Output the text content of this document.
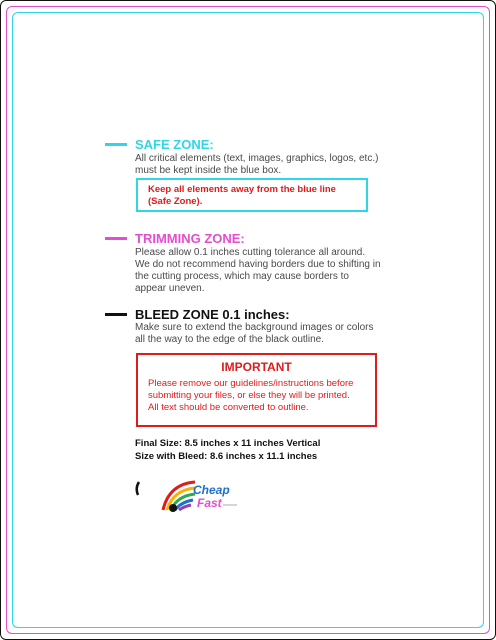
SAFE ZONE:
All critical elements (text, images, graphics, logos, etc.)
must be kept inside the blue box.
Keep all elements away from the blue line
(Safe Zone).
TRIMMING ZONE:
Please allow 0.1 inches cutting tolerance all around.
We do not recommend having borders due to shifting in
the cutting process, which may cause borders to
appear uneven.
BLEED ZONE 0.1 inches:
Make sure to extend the background images or colors
all the way to the edge of the black outline.
IMPORTANT
Please remove our guidelines/instructions before
submitting your files, or else they will be printed.
All text should be converted to outline.
Final Size: 8.5 inches x 11 inches Vertical
Size with Bleed: 8.6 inches x 11.1 inches
Cheap
Fast
